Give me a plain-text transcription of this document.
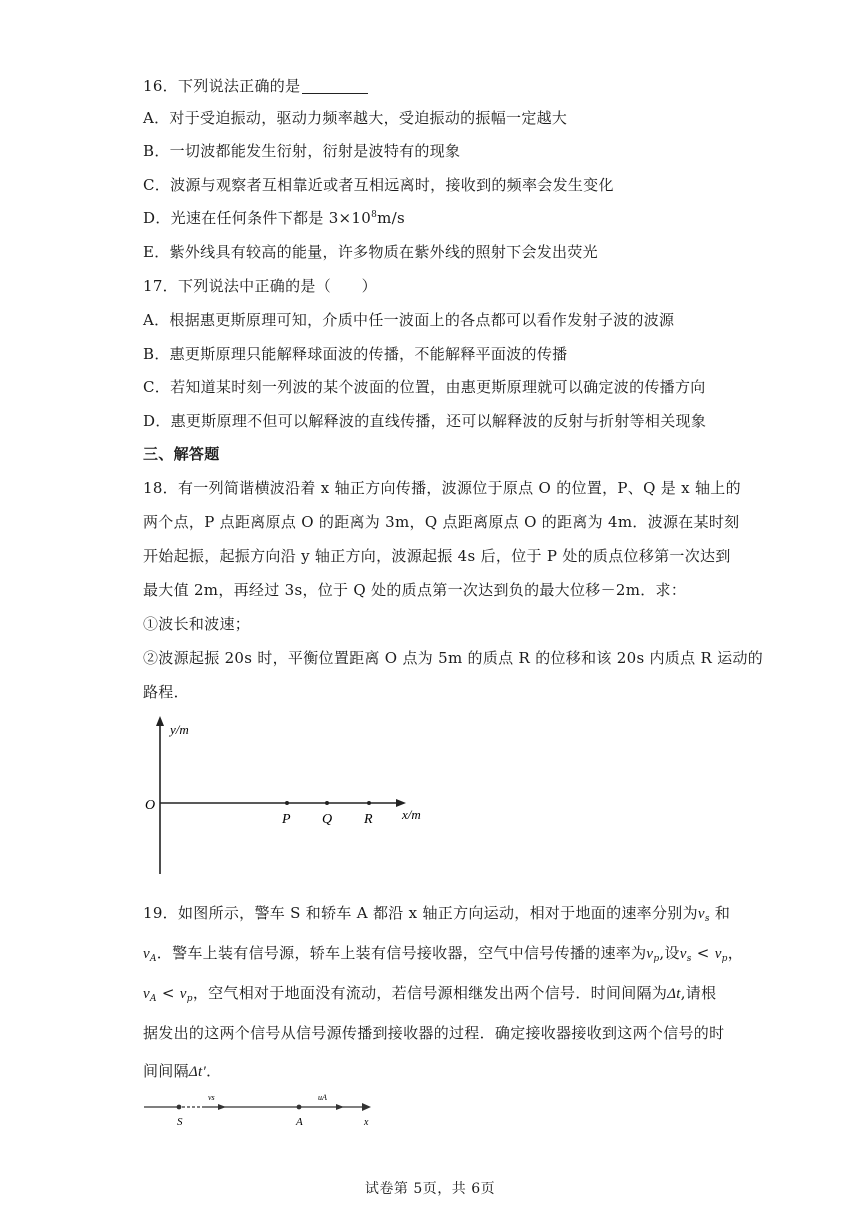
16．下列说法正确的是
A．对于受迫振动，驱动力频率越大，受迫振动的振幅一定越大
B．一切波都能发生衍射，衍射是波特有的现象
C．波源与观察者互相靠近或者互相远离时，接收到的频率会发生变化
D．光速在任何条件下都是 $3\times 10^8m/s$
E．紫外线具有较高的能量，许多物质在紫外线的照射下会发出荧光
17．下列说法中正确的是（　　）
A．根据惠更斯原理可知，介质中任一波面上的各点都可以看作发射子波的波源
B．惠更斯原理只能解释球面波的传播，不能解释平面波的传播
C．若知道某时刻一列波的某个波面的位置，由惠更斯原理就可以确定波的传播方向
D．惠更斯原理不但可以解释波的直线传播，还可以解释波的反射与折射等相关现象
三、解答题
18．有一列简谐横波沿着 x 轴正方向传播，波源位于原点 O 的位置，P、Q 是 x 轴上的
两个点，P 点距离原点 O 的距离为 3m，Q 点距离原点 O 的距离为 4m．波源在某时刻
开始起振，起振方向沿 y 轴正方向，波源起振 4s 后，位于 P 处的质点位移第一次达到
最大值 2m，再经过 3s，位于 Q 处的质点第一次达到负的最大位移－2m．求：
①波长和波速；
②波源起振 20s 时，平衡位置距离 O 点为 5m 的质点 R 的位移和该 20s 内质点 R 运动的
路程．
y/m
O
x/m
P Q R
19．如图所示，警车 S 和轿车 A 都沿 x 轴正方向运动，相对于地面的速率分别为$v_s$ 和
$v_A$．警车上装有信号源，轿车上装有信号接收器，空气中信号传播的速率为$v_p$,设$v_s < v_p$，
$v_A < v_p$，空气相对于地面没有流动，若信号源相继发出两个信号．时间间隔为Δt,请根
据发出的这两个信号从信号源传播到接收器的过程．确定接收器接收到这两个信号的时
间间隔Δt′．
vs	uA
S	A	x
试卷第 5页，共 6页
